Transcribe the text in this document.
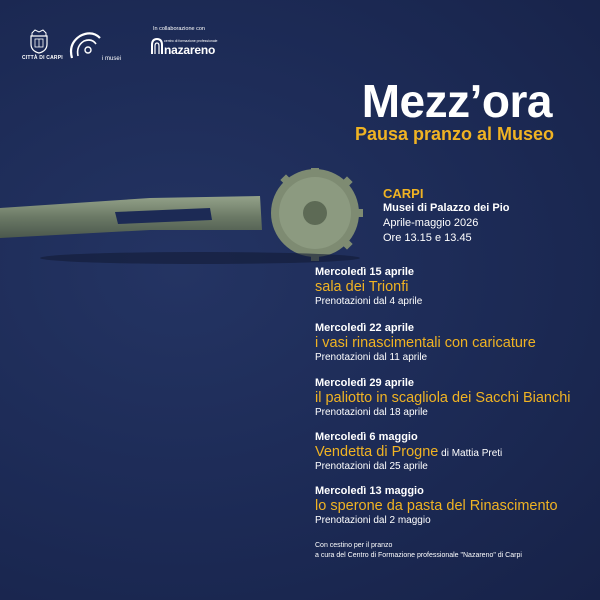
CITTÀ DI CARPI	i musei
In collaborazione con
centro di formazione professionale
nazareno
Mezz’ora
Pausa pranzo al Museo
CARPI
Musei di Palazzo dei Pio
Aprile-maggio 2026
Ore 13.15 e 13.45
Mercoledì 15 aprile
sala dei Trionfi
Prenotazioni dal 4 aprile
Mercoledì 22 aprile
i vasi rinascimentali con caricature
Prenotazioni dal 11 aprile
Mercoledì 29 aprile
il paliotto in scagliola dei Sacchi Bianchi
Prenotazioni dal 18 aprile
Mercoledì 6 maggio
Vendetta di Progne di Mattia Preti
Prenotazioni dal 25 aprile
Mercoledì 13 maggio
lo sperone da pasta del Rinascimento
Prenotazioni dal 2 maggio
Con cestino per il pranzo
a cura del Centro di Formazione professionale "Nazareno" di Carpi
